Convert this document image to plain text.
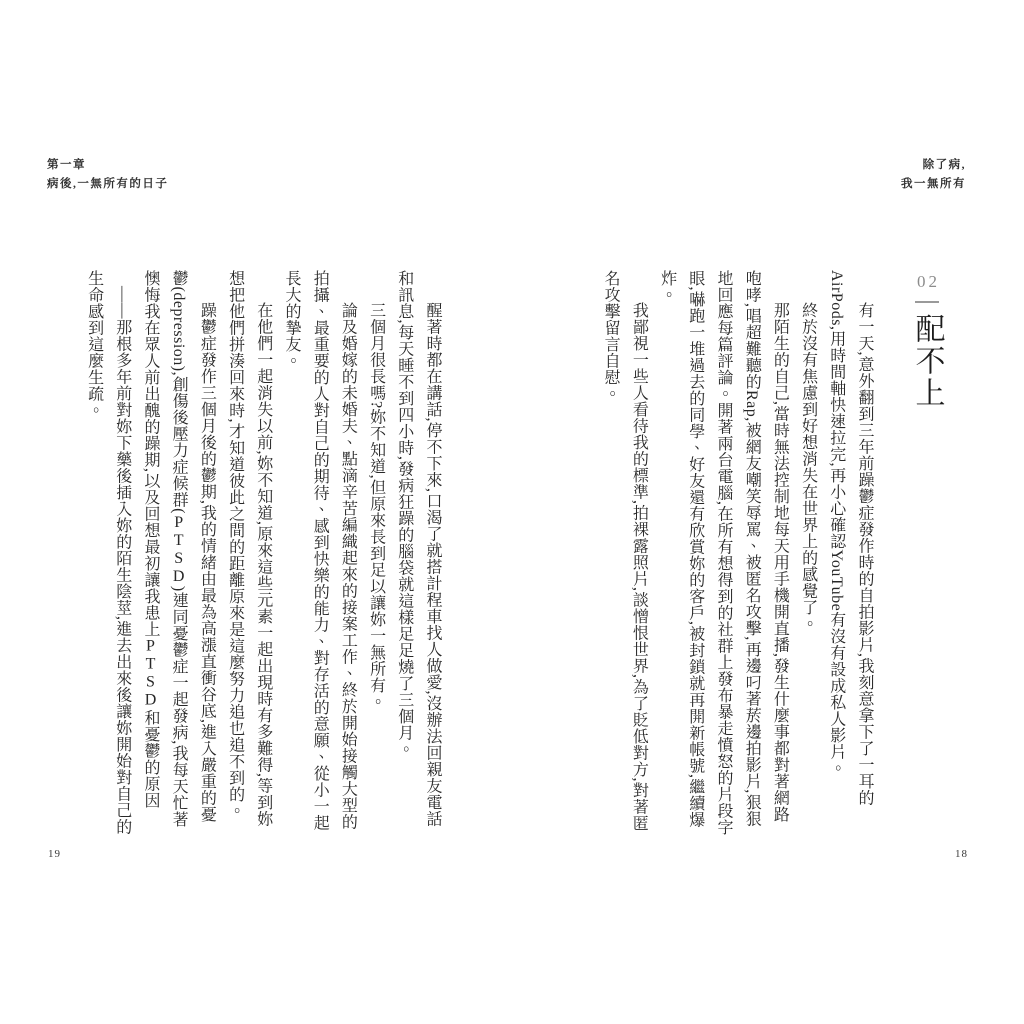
第一章
病後,一無所有的日子
除了病,
我一無所有
02
配不上

有一天,意外翻到三年前躁鬱症發作時的自拍影片,我刻意拿下了一耳的AirPods,用時間軸快速拉完,再小心確認YouTube有沒有設成私人影片。

終於沒有焦慮到好想消失在世界上的感覺了。

那陌生的自己,當時無法控制地每天用手機開直播,發生什麼事都對著網路咆哮,唱超難聽的Rap,被網友嘲笑辱罵、被匿名攻擊,再邊叼著菸邊拍影片,狠狠地回應每篇評論。開著兩台電腦,在所有想得到的社群上發布暴走憤怒的片段字眼,嚇跑一堆過去的同學、好友還有欣賞妳的客戶,被封鎖就再開新帳號,繼續爆炸。

我鄙視一些人看待我的標準,拍裸露照片,談憎恨世界,為了貶低對方,對著匿名攻擊留言自慰。

醒著時都在講話,停不下來,口渴了就搭計程車找人做愛,沒辦法回親友電話和訊息,每天睡不到四小時,發病狂躁的腦袋就這樣足足燒了三個月。

三個月很長嗎?妳不知道,但原來長到足以讓妳一無所有。

論及婚嫁的未婚夫、點滴辛苦編織起來的接案工作、終於開始接觸大型的拍攝、最重要的人對自己的期待、感到快樂的能力、對存活的意願、從小一起長大的摯友。

在他們一起消失以前,妳不知道,原來這些元素一起出現時有多難得,等到妳想把他們拼湊回來時,才知道彼此之間的距離原來是這麼努力追也追不到的。

躁鬱症發作三個月後的鬱期,我的情緒由最為高漲直衝谷底,進入嚴重的憂鬱(depression),創傷後壓力症候群(PTSD)連同憂鬱症一起發病,我每天忙著懊悔我在眾人前出醜的躁期,以及回想最初讓我患上PTSD和憂鬱的原因

——那根多年前對妳下藥後插入妳的陌生陰莖,進去出來後讓妳開始對自己的生命感到這麼生疏。

19	18
